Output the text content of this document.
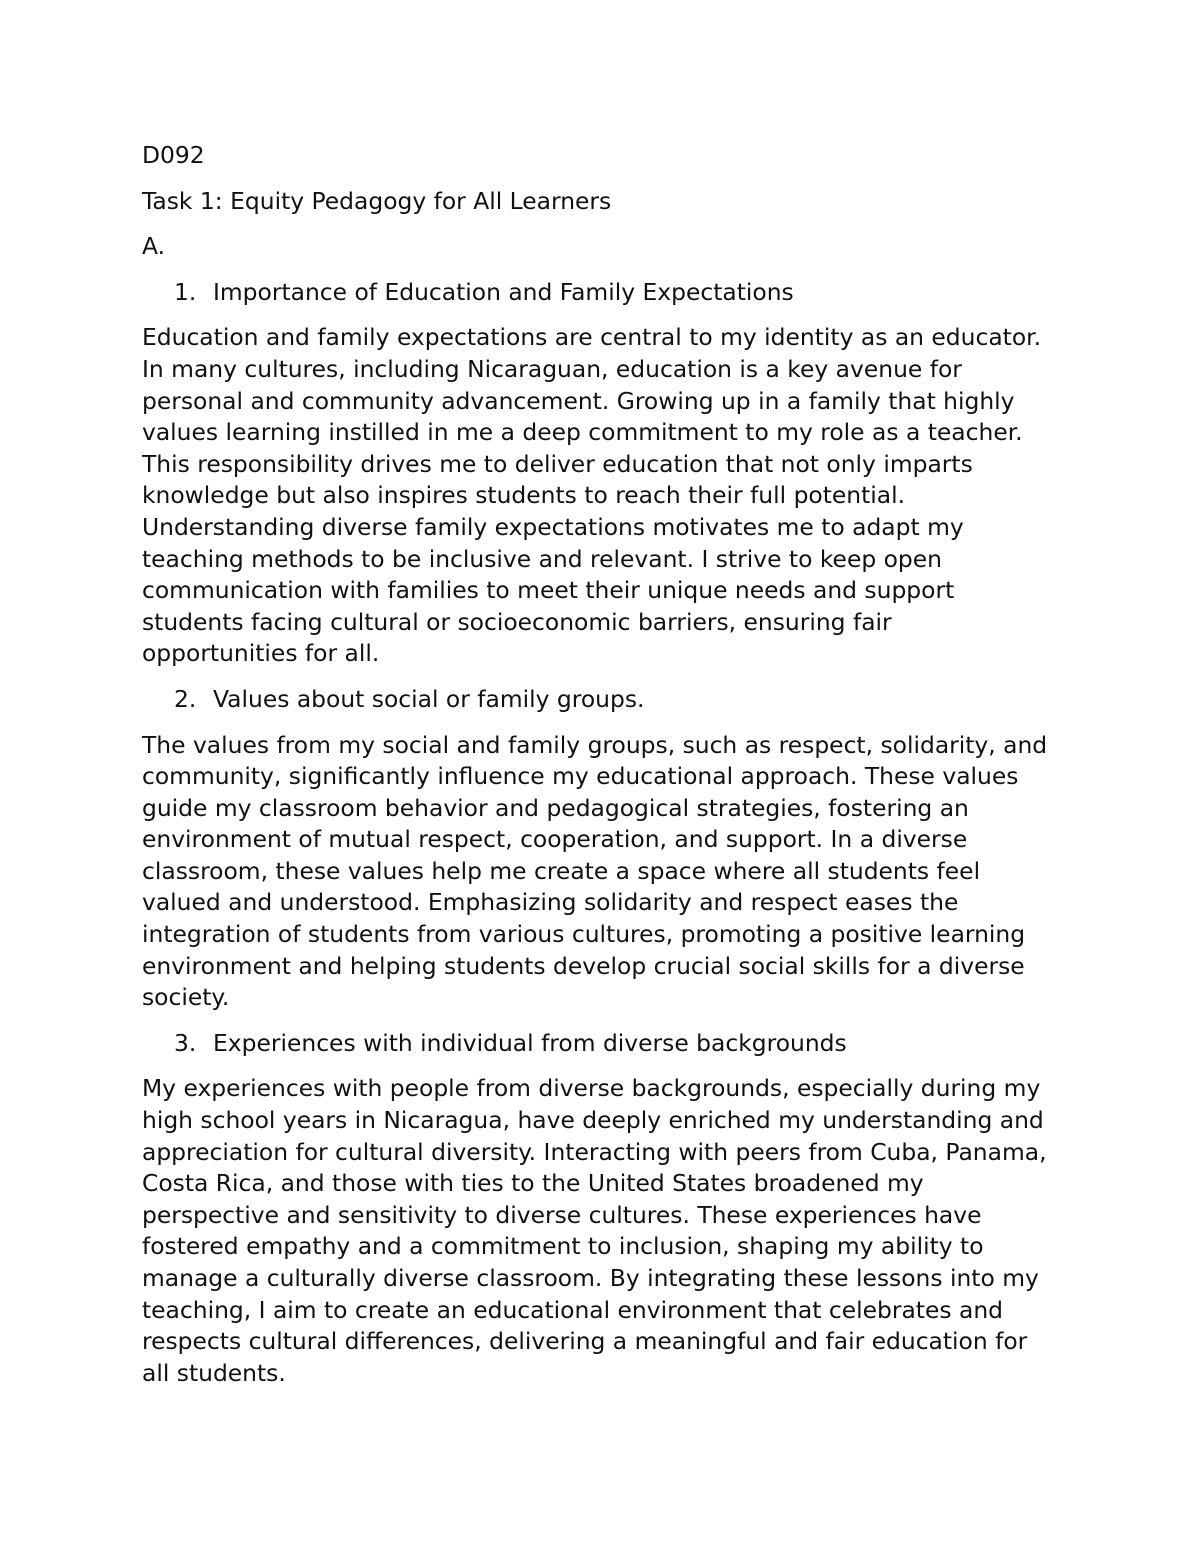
D092
Task 1: Equity Pedagogy for All Learners
A.
1. Importance of Education and Family Expectations
Education and family expectations are central to my identity as an educator.
In many cultures, including Nicaraguan, education is a key avenue for
personal and community advancement. Growing up in a family that highly
values learning instilled in me a deep commitment to my role as a teacher.
This responsibility drives me to deliver education that not only imparts
knowledge but also inspires students to reach their full potential.
Understanding diverse family expectations motivates me to adapt my
teaching methods to be inclusive and relevant. I strive to keep open
communication with families to meet their unique needs and support
students facing cultural or socioeconomic barriers, ensuring fair
opportunities for all.
2. Values about social or family groups.
The values from my social and family groups, such as respect, solidarity, and
community, significantly influence my educational approach. These values
guide my classroom behavior and pedagogical strategies, fostering an
environment of mutual respect, cooperation, and support. In a diverse
classroom, these values help me create a space where all students feel
valued and understood. Emphasizing solidarity and respect eases the
integration of students from various cultures, promoting a positive learning
environment and helping students develop crucial social skills for a diverse
society.
3. Experiences with individual from diverse backgrounds
My experiences with people from diverse backgrounds, especially during my
high school years in Nicaragua, have deeply enriched my understanding and
appreciation for cultural diversity. Interacting with peers from Cuba, Panama,
Costa Rica, and those with ties to the United States broadened my
perspective and sensitivity to diverse cultures. These experiences have
fostered empathy and a commitment to inclusion, shaping my ability to
manage a culturally diverse classroom. By integrating these lessons into my
teaching, I aim to create an educational environment that celebrates and
respects cultural differences, delivering a meaningful and fair education for
all students.
